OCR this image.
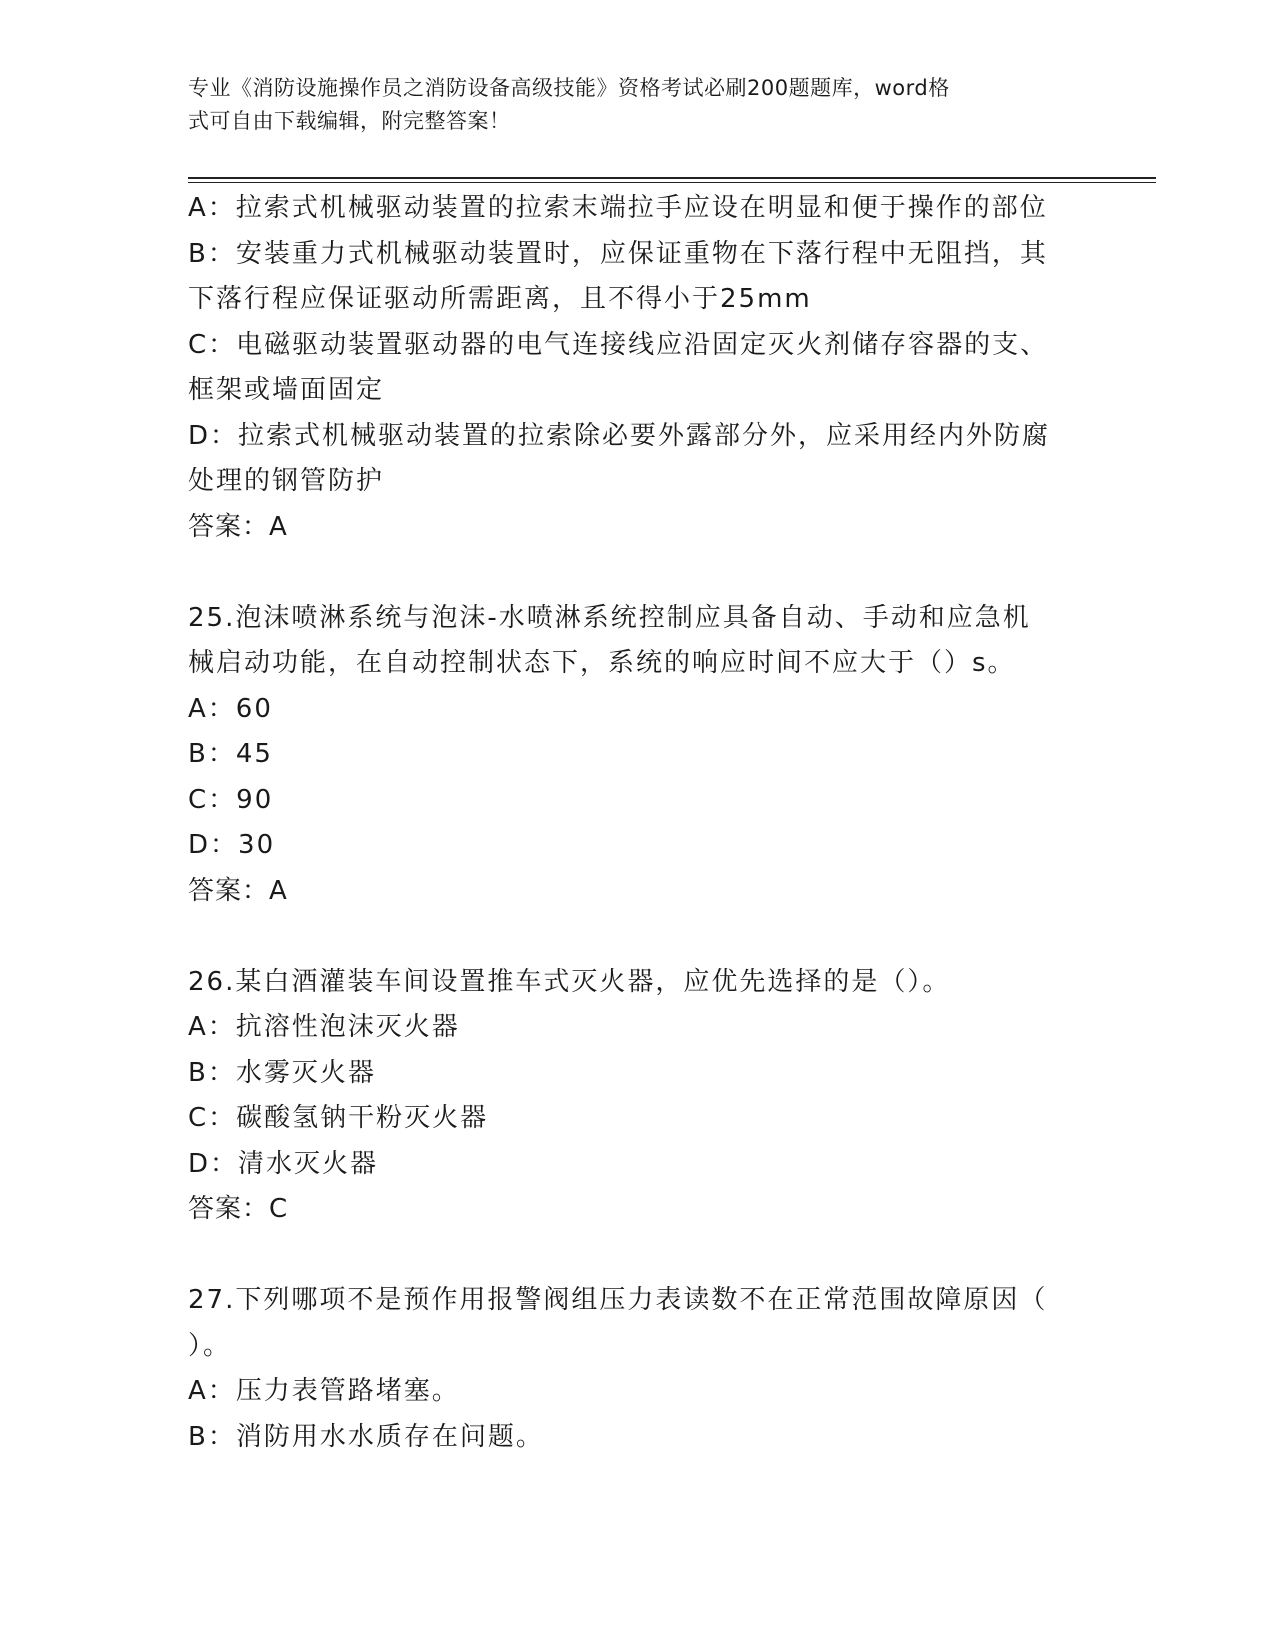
专业《消防设施操作员之消防设备高级技能》资格考试必刷200题题库，word格
式可自由下载编辑，附完整答案！
A：拉索式机械驱动装置的拉索末端拉手应设在明显和便于操作的部位
B：安装重力式机械驱动装置时，应保证重物在下落行程中无阻挡，其
下落行程应保证驱动所需距离，且不得小于25mm
C：电磁驱动装置驱动器的电气连接线应沿固定灭火剂储存容器的支、
框架或墙面固定
D：拉索式机械驱动装置的拉索除必要外露部分外，应采用经内外防腐
处理的钢管防护
答案：A
25.泡沫喷淋系统与泡沫-水喷淋系统控制应具备自动、手动和应急机
械启动功能，在自动控制状态下，系统的响应时间不应大于（）s。
A：60
B：45
C：90
D：30
答案：A
26.某白酒灌装车间设置推车式灭火器，应优先选择的是（）。
A：抗溶性泡沫灭火器
B：水雾灭火器
C：碳酸氢钠干粉灭火器
D：清水灭火器
答案：C
27.下列哪项不是预作用报警阀组压力表读数不在正常范围故障原因（
）。
A：压力表管路堵塞。
B：消防用水水质存在问题。
